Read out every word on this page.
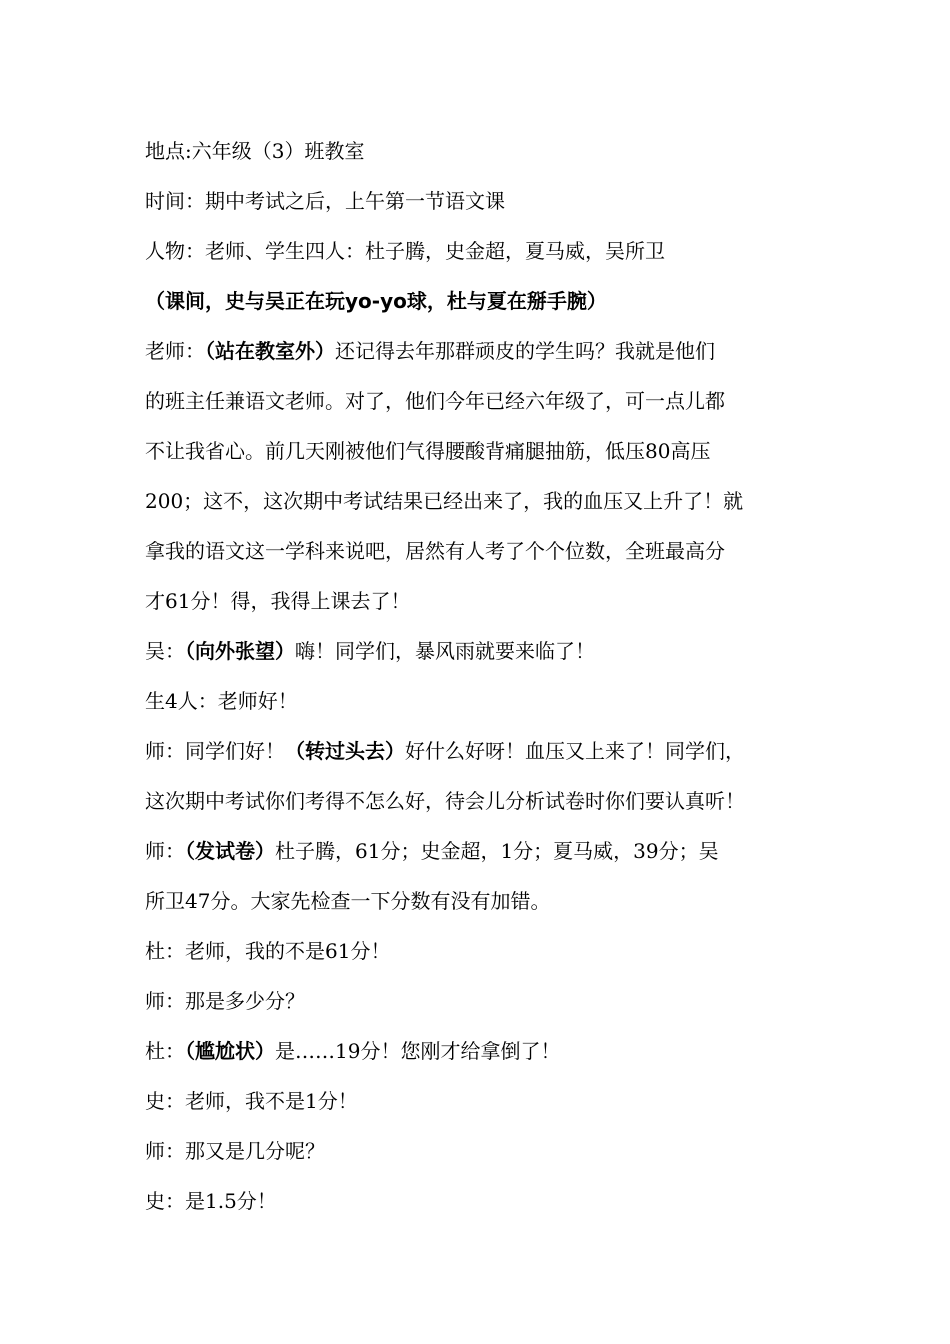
地点:六年级（3）班教室
时间：期中考试之后，上午第一节语文课
人物：老师、学生四人：杜子腾，史金超，夏马威，吴所卫
（课间，史与吴正在玩yo-yo球，杜与夏在掰手腕）
老师：（站在教室外）还记得去年那群顽皮的学生吗？我就是他们
的班主任兼语文老师。对了，他们今年已经六年级了，可一点儿都
不让我省心。前几天刚被他们气得腰酸背痛腿抽筋，低压80高压
200；这不，这次期中考试结果已经出来了，我的血压又上升了！就
拿我的语文这一学科来说吧，居然有人考了个个位数，全班最高分
才61分！得，我得上课去了！
吴：（向外张望）嗨！同学们，暴风雨就要来临了！
生4人：老师好！
师：同学们好！（转过头去）好什么好呀！血压又上来了！同学们，
这次期中考试你们考得不怎么好，待会儿分析试卷时你们要认真听！
师：（发试卷）杜子腾，61分；史金超，1分；夏马威，39分；吴
所卫47分。大家先检查一下分数有没有加错。
杜：老师，我的不是61分！
师：那是多少分？
杜：（尴尬状）是……19分！您刚才给拿倒了！
史：老师，我不是1分！
师：那又是几分呢？
史：是1.5分！
